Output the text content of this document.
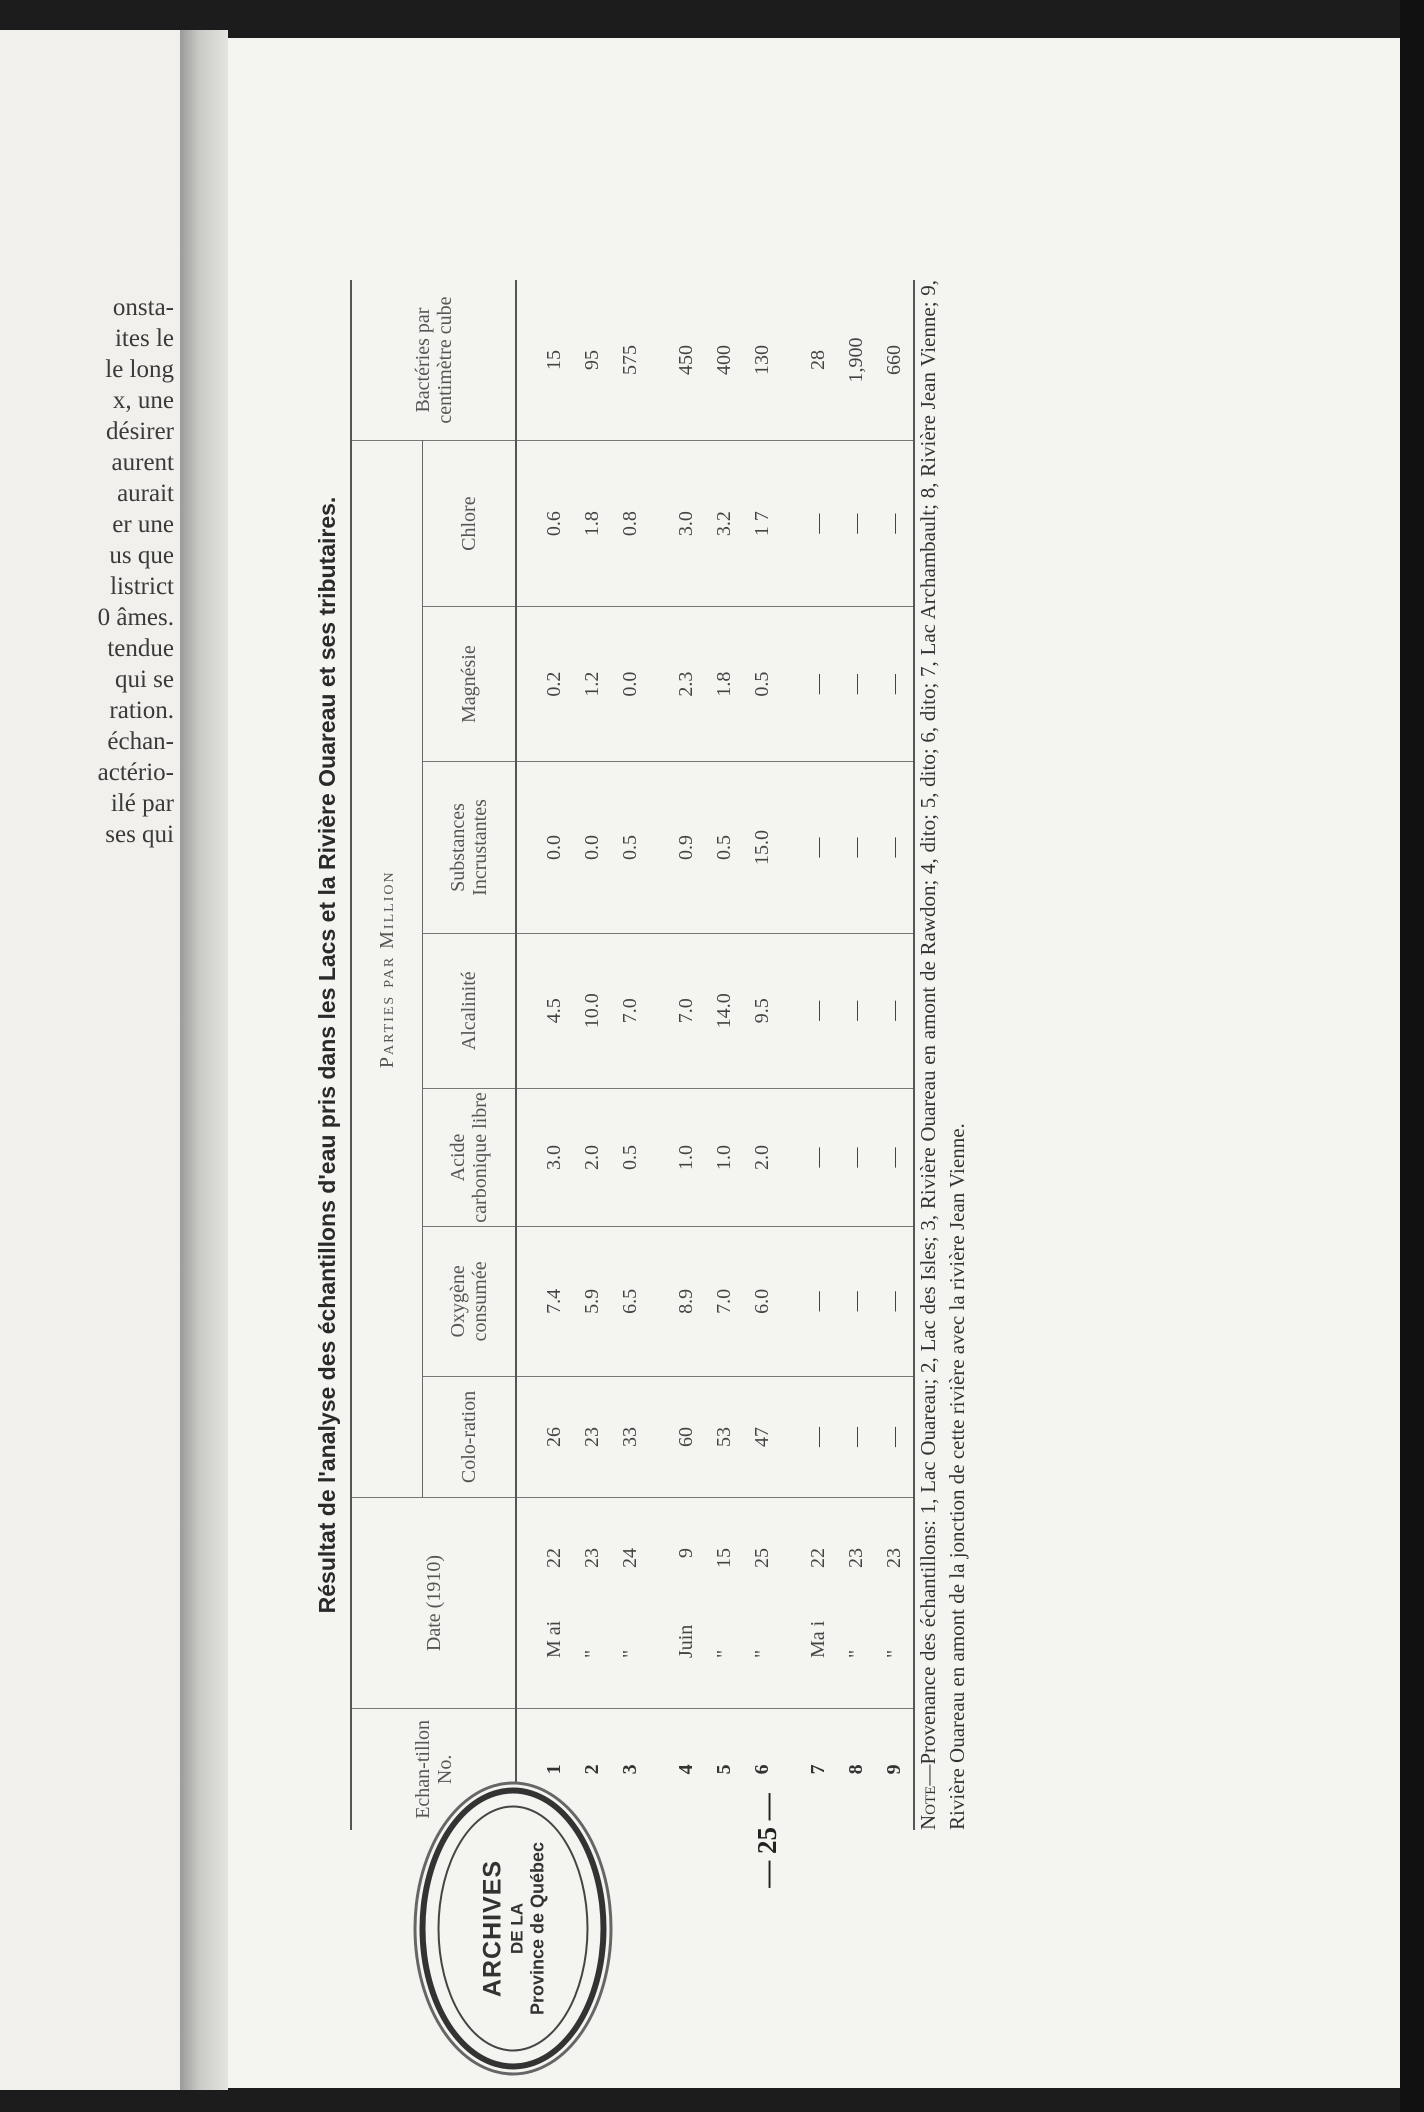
onsta-
ites le
le long
x, une
désirer
aurent
aurait
er une
us que
listrict
0 âmes.
tendue
qui se
ration.
échan-
actério-
ilé par
ses qui	Résultat de l'analyse des échantillons d'eau pris dans les Lacs et la Rivière Ouareau et ses tributaires.
Echan-tillon No.	Date (1910)	Parties par Million							Bactéries par centimètre cube
		Colo-ration	Oxygène consumée	Acide carbonique libre	Alcalinité	Substances Incrustantes	Magnésie	Chlore	
1	M ai22	26	7.4	3.0	4.5	0.0	0.2	0.6	15
2	"23	23	5.9	2.0	10.0	0.0	1.2	1.8	95
3	"24	33	6.5	0.5	7.0	0.5	0.0	0.8	575
4	Juin9	60	8.9	1.0	7.0	0.9	2.3	3.0	450
5	"15	53	7.0	1.0	14.0	0.5	1.8	3.2	400
6	"25	47	6.0	2.0	9.5	15.0	0.5	1 7	130
7	Ma i22	—	—	—	—	—	—	—	28
8	"23	—	—	—	—	—	—	—	1,900
9	"23	—	—	—	—	—	—	—	660
Note—Provenance des échantillons: 1, Lac Ouareau; 2, Lac des Isles; 3, Rivière Ouareau en amont de Rawdon; 4, dito; 5, dito; 6, dito; 7, Lac Archambault; 8, Rivière Jean Vienne; 9, Rivière Ouareau en amont de la jonction de cette rivière avec la rivière Jean Vienne.
— 25 —
ARCHIVES DE LA Province de Québec
